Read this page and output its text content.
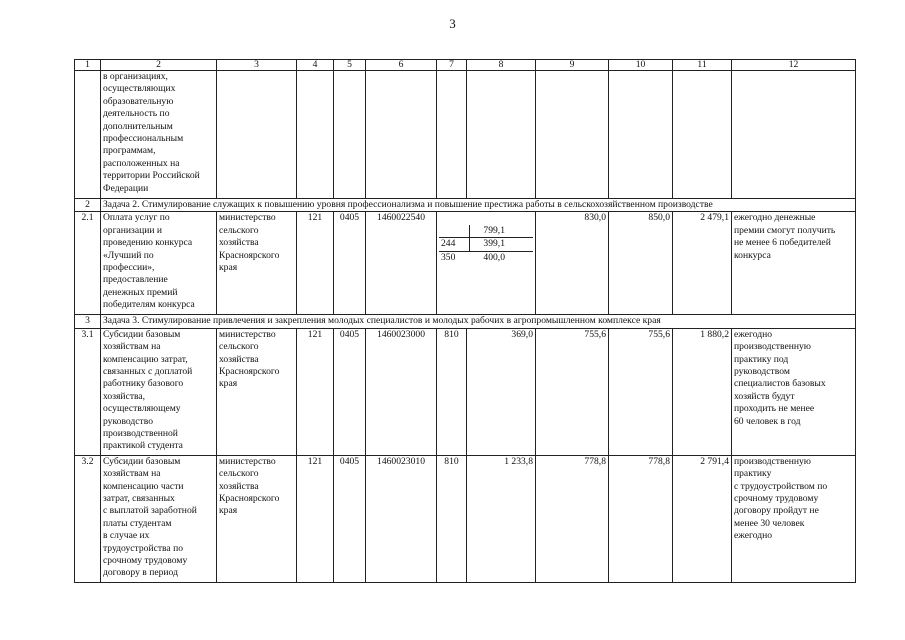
3
1	2	3	4	5	6	7	8	9	10	11	12
	в организациях,
осуществляющих
образовательную
деятельность по
дополнительным
профессиональным
программам,
расположенных на
территории Российской
Федерации										
2	Задача 2. Стимулирование служащих к повышению уровня профессионализма и повышение престижа работы в сельскохозяйственном производстве
2.1	Оплата услуг по
организации и
проведению конкурса
«Лучший по
профессии»,
предоставление
денежных премий
победителям конкурса	министерство
сельского
хозяйства
Красноярского
края	121	0405	1460022540	

	799,1
244	399,1
350	400,0

	830,0	850,0	2 479,1	ежегодно денежные
премии смогут получить
не менее 6 победителей
конкурса
3	Задача 3. Стимулирование привлечения и закрепления молодых специалистов и молодых рабочих в агропромышленном комплексе края
3.1	Субсидии базовым
хозяйствам на
компенсацию затрат,
связанных с доплатой
работнику базового
хозяйства,
осуществляющему
руководство
производственной
практикой студента	министерство
сельского
хозяйства
Красноярского
края	121	0405	1460023000	810	369,0	755,6	755,6	1 880,2	ежегодно
производственную
практику под
руководством
специалистов базовых
хозяйств будут
проходить не менее
60 человек в год
3.2	Субсидии базовым
хозяйствам на
компенсацию части
затрат, связанных
с выплатой заработной
платы студентам
в случае их
трудоустройства по
срочному трудовому
договору в период	министерство
сельского
хозяйства
Красноярского
края	121	0405	1460023010	810	1 233,8	778,8	778,8	2 791,4	производственную
практику
с трудоустройством по
срочному трудовому
договору пройдут не
менее 30 человек
ежегодно
